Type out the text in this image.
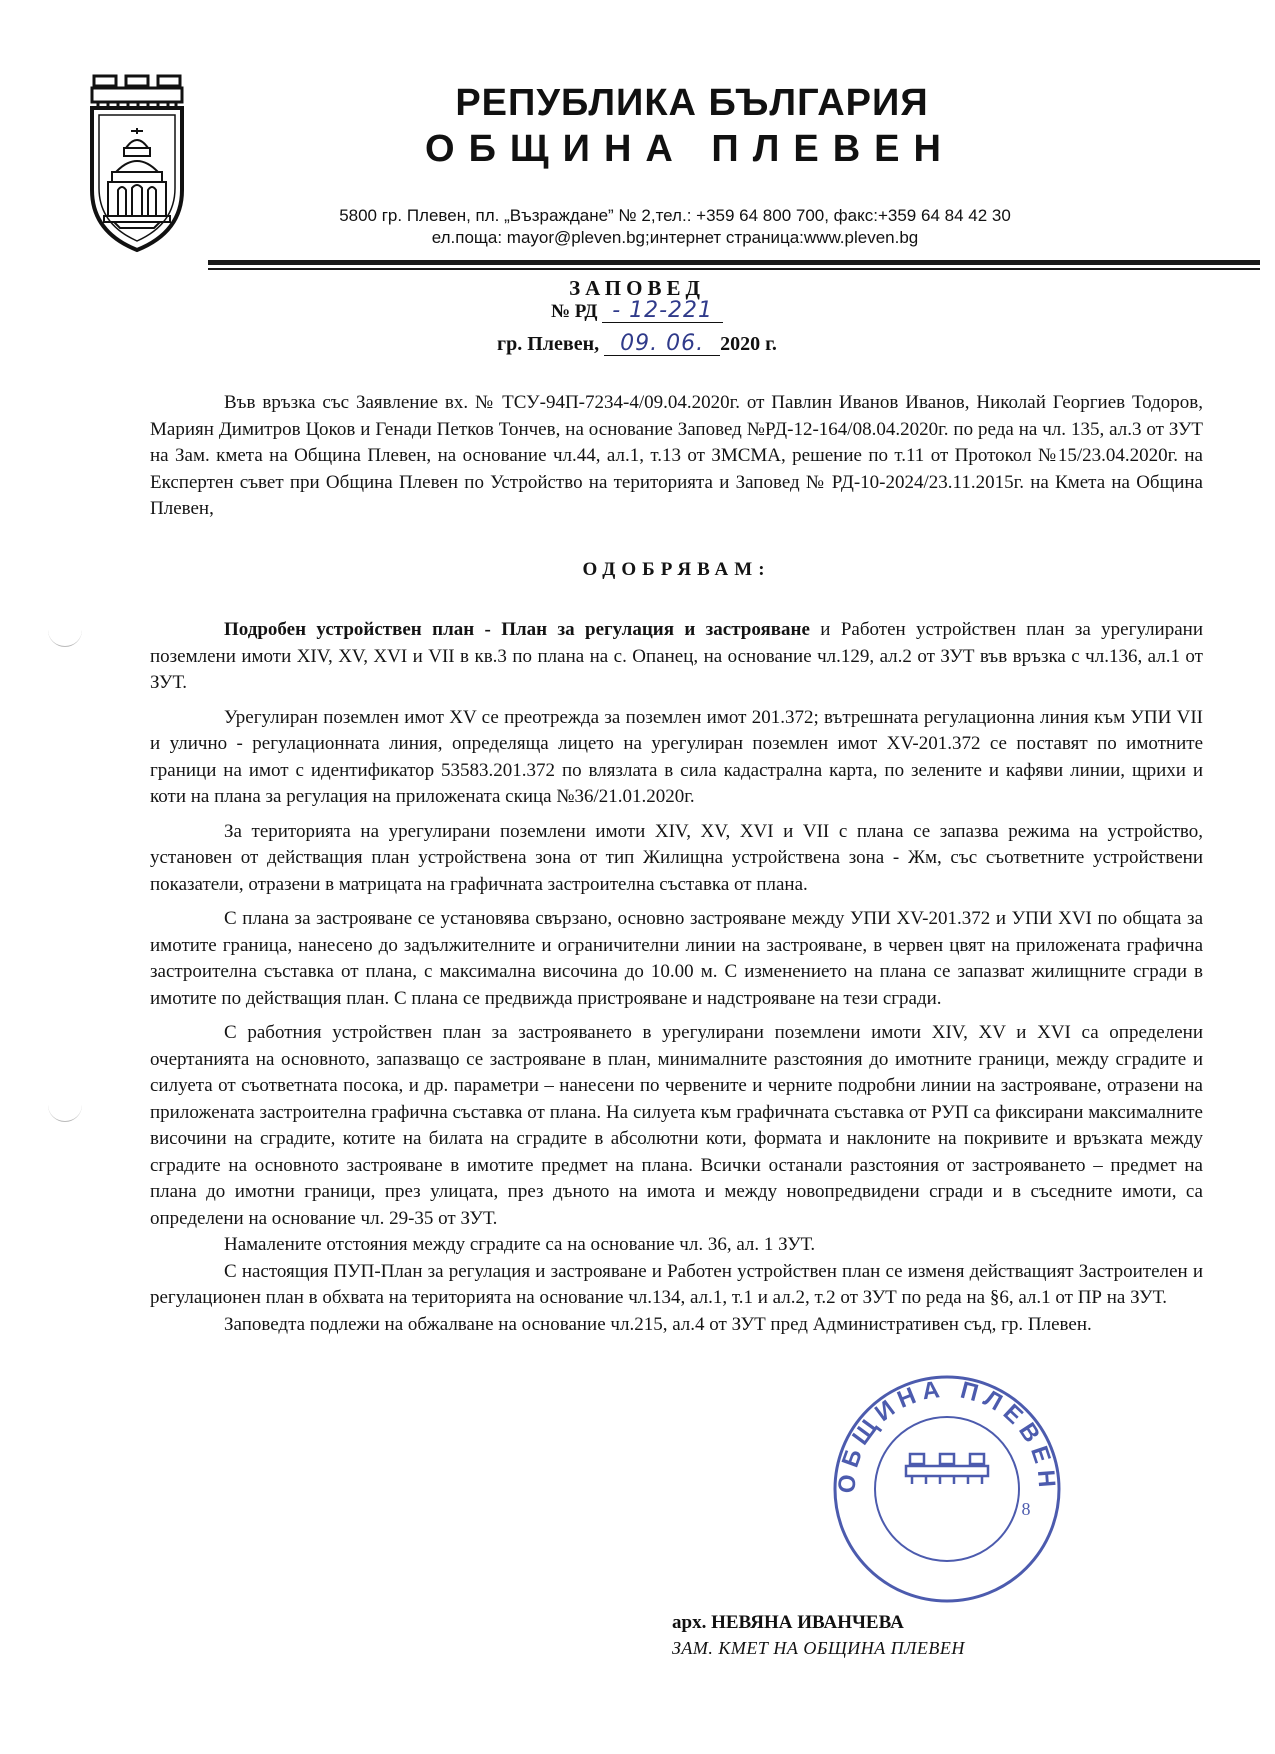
РЕПУБЛИКА БЪЛГАРИЯ
ОБЩИНА ПЛЕВЕН
5800 гр. Плевен, пл. „Възраждане” № 2,тел.: +359 64 800 700, факс:+359 64 84 42 30
ел.поща: mayor@pleven.bg;интернет страница:www.pleven.bg
ЗАПОВЕД
№ РД - 12-221
гр. Плевен, 09. 06. 2020 г.

Във връзка със Заявление вх. № ТСУ-94П-7234-4/09.04.2020г. от Павлин Иванов Иванов, Николай Георгиев Тодоров, Мариян Димитров Цоков и Генади Петков Тончев, на основание Заповед №РД-12-164/08.04.2020г. по реда на чл. 135, ал.3 от ЗУТ на Зам. кмета на Община Плевен, на основание чл.44, ал.1, т.13 от ЗМСМА, решение по т.11 от Протокол №15/23.04.2020г. на Експертен съвет при Община Плевен по Устройство на територията и Заповед № РД-10-2024/23.11.2015г. на Кмета на Община Плевен,

ОДОБРЯВАМ:

Подробен устройствен план - План за регулация и застрояване и Работен устройствен план за урегулирани поземлени имоти XIV, XV, XVI и VII в кв.3 по плана на с. Опанец, на основание чл.129, ал.2 от ЗУТ във връзка с чл.136, ал.1 от ЗУТ.

Урегулиран поземлен имот XV се преотрежда за поземлен имот 201.372; вътрешната регулационна линия към УПИ VII и улично - регулационната линия, определяща лицето на урегулиран поземлен имот XV-201.372 се поставят по имотните граници на имот с идентификатор 53583.201.372 по влязлата в сила кадастрална карта, по зелените и кафяви линии, щрихи и коти на плана за регулация на приложената скица №36/21.01.2020г.

За територията на урегулирани поземлени имоти XIV, XV, XVI и VII с плана се запазва режима на устройство, установен от действащия план устройствена зона от тип Жилищна устройствена зона - Жм, със съответните устройствени показатели, отразени в матрицата на графичната застроителна съставка от плана.

С плана за застрояване се установява свързано, основно застрояване между УПИ XV-201.372 и УПИ XVI по общата за имотите граница, нанесено до задължителните и ограничителни линии на застрояване, в червен цвят на приложената графична застроителна съставка от плана, с максимална височина до 10.00 м. С изменението на плана се запазват жилищните сгради в имотите по действащия план. С плана се предвижда пристрояване и надстрояване на тези сгради.

С работния устройствен план за застрояването в урегулирани поземлени имоти XIV, XV и XVI са определени очертанията на основното, запазващо се застрояване в план, минималните разстояния до имотните граници, между сградите и силуета от съответната посока, и др. параметри – нанесени по червените и черните подробни линии на застрояване, отразени на приложената застроителна графична съставка от плана. На силуета към графичната съставка от РУП са фиксирани максималните височини на сградите, котите на билата на сградите в абсолютни коти, формата и наклоните на покривите и връзката между сградите на основното застрояване в имотите предмет на плана. Всички останали разстояния от застрояването – предмет на плана до имотни граници, през улицата, през дъното на имота и между новопредвидени сгради и в съседните имоти, са определени на основание чл. 29-35 от ЗУТ.

Намалените отстояния между сградите са на основание чл. 36, ал. 1 ЗУТ.

С настоящия ПУП-План за регулация и застрояване и Работен устройствен план се изменя действащият Застроителен и регулационен план в обхвата на територията на основание чл.134, ал.1, т.1 и ал.2, т.2 от ЗУТ по реда на §6, ал.1 от ПР на ЗУТ.

Заповедта подлежи на обжалване на основание чл.215, ал.4 от ЗУТ пред Административен съд, гр. Плевен.

ОБЩИНА ПЛЕВЕН
8
арх. НЕВЯНА ИВАНЧЕВА
ЗАМ. КМЕТ НА ОБЩИНА ПЛЕВЕН
